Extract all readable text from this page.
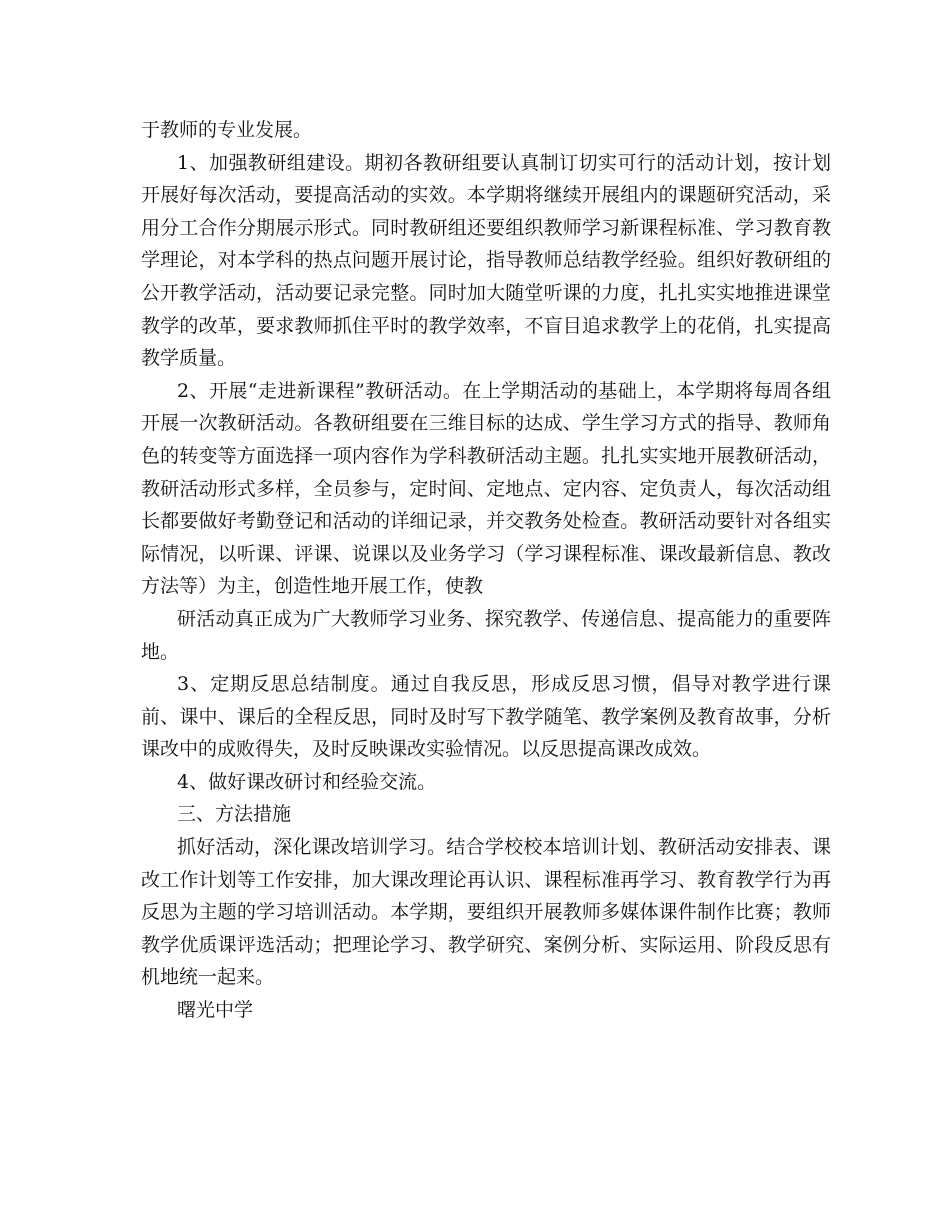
于教师的专业发展。

1、加强教研组建设。期初各教研组要认真制订切实可行的活动计划，按计划开展好每次活动，要提高活动的实效。本学期将继续开展组内的课题研究活动，采用分工合作分期展示形式。同时教研组还要组织教师学习新课程标准、学习教育教学理论，对本学科的热点问题开展讨论，指导教师总结教学经验。组织好教研组的公开教学活动，活动要记录完整。同时加大随堂听课的力度，扎扎实实地推进课堂教学的改革，要求教师抓住平时的教学效率，不盲目追求教学上的花俏，扎实提高教学质量。

2、开展“走进新课程”教研活动。在上学期活动的基础上，本学期将每周各组开展一次教研活动。各教研组要在三维目标的达成、学生学习方式的指导、教师角色的转变等方面选择一项内容作为学科教研活动主题。扎扎实实地开展教研活动，教研活动形式多样，全员参与，定时间、定地点、定内容、定负责人，每次活动组长都要做好考勤登记和活动的详细记录，并交教务处检查。教研活动要针对各组实际情况，以听课、评课、说课以及业务学习（学习课程标准、课改最新信息、教改方法等）为主，创造性地开展工作，使教

研活动真正成为广大教师学习业务、探究教学、传递信息、提高能力的重要阵地。

3、定期反思总结制度。通过自我反思，形成反思习惯，倡导对教学进行课前、课中、课后的全程反思，同时及时写下教学随笔、教学案例及教育故事，分析课改中的成败得失，及时反映课改实验情况。以反思提高课改成效。

4、做好课改研讨和经验交流。

三、方法措施

抓好活动，深化课改培训学习。结合学校校本培训计划、教研活动安排表、课改工作计划等工作安排，加大课改理论再认识、课程标准再学习、教育教学行为再反思为主题的学习培训活动。本学期，要组织开展教师多媒体课件制作比赛；教师教学优质课评选活动；把理论学习、教学研究、案例分析、实际运用、阶段反思有机地统一起来。

曙光中学
